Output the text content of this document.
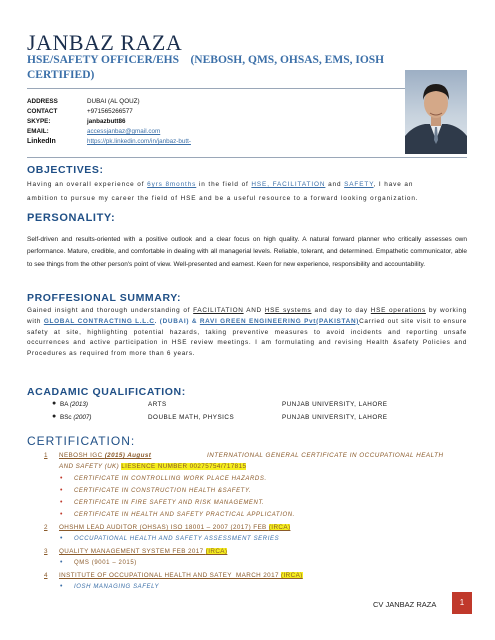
JANBAZ RAZA
HSE/SAFETY OFFICER/EHS    (NEBOSH, QMS, OHSAS, EMS, IOSH
CERTIFIED)
ADDRESS	DUBAI (AL QOUZ)
CONTACT	+971565266577
SKYPE:	janbazbutt86
EMAIL:	accessjanbaz@gmail.com
LinkedIn	https://pk.linkedin.com/in/janbaz-butt-
OBJECTIVES:
Having an overall experience of 6yrs 8months in the field of HSE, FACILITATION and SAFETY, I have an
ambition to pursue my career the field of HSE and be a useful resource to a forward looking organization.
PERSONALITY:
Self-driven and results-oriented with a positive outlook and a clear focus on high quality. A natural forward planner who critically assesses own performance. Mature, credible, and comfortable in dealing with all managerial levels. Reliable, tolerant, and determined. Empathetic communicator, able to see things from the other person's point of view. Well-presented and earnest. Keen for new experience, responsibility and accountability.
PROFFESIONAL SUMMARY:
Gained insight and thorough understanding of FACILITATION AND HSE systems and day to day HSE operations by working with GLOBAL CONTRACTING L.L.C. (DUBAI) & RAVI GREEN ENGINEERING Pvt(PAKISTAN)Carried out site visit to ensure safety at site, highlighting potential hazards, taking preventive measures to avoid incidents and reporting unsafe occurrences and active participation in HSE review meetings. I am formulating and revising Health &safety Policies and Procedures as required from more than 6 years.
ACADAMIC QUALIFICATION:
● BA (2013)	ARTS	PUNJAB UNIVERSITY, LAHORE
● BSc (2007)	DOUBLE MATH, PHYSICS	PUNJAB UNIVERSITY, LAHORE
CERTIFICATION:
1 NEBOSH IGC (2015) August	INTERNATIONAL GENERAL CERTIFICATE IN OCCUPATIONAL HEALTH
AND SAFETY (UK) LIESENCE NUMBER 00275754/717815
• CERTIFICATE IN CONTROLLING WORK PLACE HAZARDS.
• CERTIFICATE IN CONSTRUCTION HEALTH &SAFETY.
• CERTIFICATE IN FIRE SAFETY AND RISK MANAGEMENT.
• CERTIFICATE IN HEALTH AND SAFETY PRACTICAL APPLICATION.
2 OHSHM LEAD AUDITOR (OHSAS) ISO 18001 – 2007 (2017) FEB (IRCA)
• OCCUPATIONAL HEALTH AND SAFETY ASSESSMENT SERIES
3 QUALITY MANAGEMENT SYSTEM FEB 2017 (IRCA)
• QMS (9001 – 2015)
4 INSTITUTE OF OCCUPATIONAL HEALTH AND SATEY  MARCH 2017 (IRCA)
• IOSH MANAGING SAFELY
CV JANBAZ RAZA	1
